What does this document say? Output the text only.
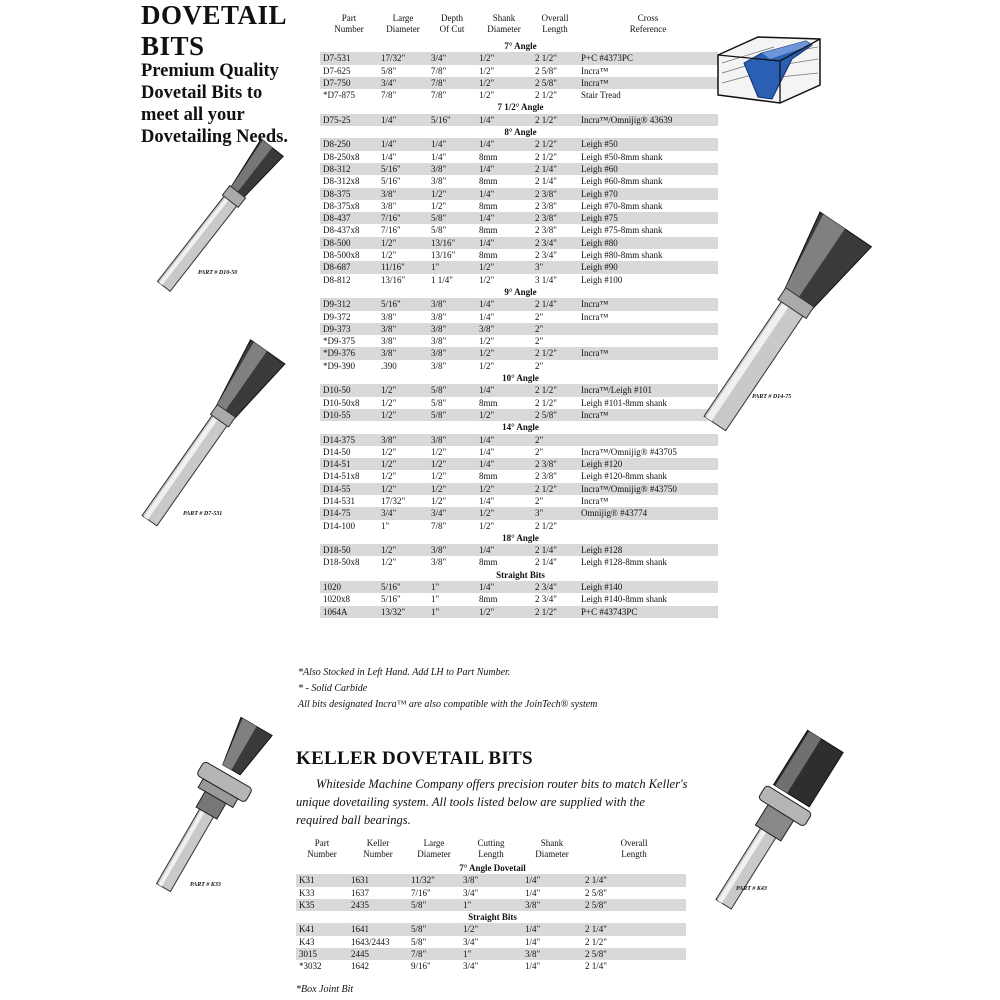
DOVETAIL
BITS
Premium Quality Dovetail Bits to meet all your Dovetailing Needs.
Part
Number
Large
Diameter
Depth
Of Cut
Shank
Diameter
Overall
Length
Cross
Reference
7° Angle					
D7-531	17/32"	3/4"	1/2"	2 1/2"	P+C #4373PC
D7-625	5/8"	7/8"	1/2"	2 5/8"	Incra™
D7-750	3/4"	7/8"	1/2"	2 5/8"	Incra™
*D7-875	7/8"	7/8"	1/2"	2 1/2"	Stair Tread
7 1/2° Angle					
D75-25	1/4"	5/16"	1/4"	2 1/2"	Incra™/Omnijig® 43639
8° Angle					
D8-250	1/4"	1/4"	1/4"	2 1/2"	Leigh #50
D8-250x8	1/4"	1/4"	8mm	2 1/2"	Leigh #50-8mm shank
D8-312	5/16"	3/8"	1/4"	2 1/4"	Leigh #60
D8-312x8	5/16"	3/8"	8mm	2 1/4"	Leigh #60-8mm shank
D8-375	3/8"	1/2"	1/4"	2 3/8"	Leigh #70
D8-375x8	3/8"	1/2"	8mm	2 3/8"	Leigh #70-8mm shank
D8-437	7/16"	5/8"	1/4"	2 3/8"	Leigh #75
D8-437x8	7/16"	5/8"	8mm	2 3/8"	Leigh #75-8mm shank
D8-500	1/2"	13/16"	1/4"	2 3/4"	Leigh #80
D8-500x8	1/2"	13/16"	8mm	2 3/4"	Leigh #80-8mm shank
D8-687	11/16"	1"	1/2"	3"	Leigh #90
D8-812	13/16"	1 1/4"	1/2"	3 1/4"	Leigh #100
9° Angle					
D9-312	5/16"	3/8"	1/4"	2 1/4"	Incra™
D9-372	3/8"	3/8"	1/4"	2"	Incra™
D9-373	3/8"	3/8"	3/8"	2"	
*D9-375	3/8"	3/8"	1/2"	2"	
*D9-376	3/8"	3/8"	1/2"	2 1/2"	Incra™
*D9-390	.390	3/8"	1/2"	2"	
10° Angle					
D10-50	1/2"	5/8"	1/4"	2 1/2"	Incra™/Leigh #101
D10-50x8	1/2"	5/8"	8mm	2 1/2"	Leigh #101-8mm shank
D10-55	1/2"	5/8"	1/2"	2 5/8"	Incra™
14° Angle					
D14-375	3/8"	3/8"	1/4"	2"	
D14-50	1/2"	1/2"	1/4"	2"	Incra™/Omnijig® #43705
D14-51	1/2"	1/2"	1/4"	2 3/8"	Leigh #120
D14-51x8	1/2"	1/2"	8mm	2 3/8"	Leigh #120-8mm shank
D14-55	1/2"	1/2"	1/2"	2 1/2"	Incra™/Omnijig® #43750
D14-531	17/32"	1/2"	1/4"	2"	Incra™
D14-75	3/4"	3/4"	1/2"	3"	Omnijig® #43774
D14-100	1"	7/8"	1/2"	2 1/2"	
18° Angle					
D18-50	1/2"	3/8"	1/4"	2 1/4"	Leigh #128
D18-50x8	1/2"	3/8"	8mm	2 1/4"	Leigh #128-8mm shank
Straight Bits					
1020	5/16"	1"	1/4"	2 3/4"	Leigh #140
1020x8	5/16"	1"	8mm	2 3/4"	Leigh #140-8mm shank
1064A	13/32"	1"	1/2"	2 1/2"	P+C #43743PC
*Also Stocked in Left Hand. Add LH to Part Number.
* - Solid Carbide
All bits designated Incra™ are also compatible with the JoinTech® system
KELLER DOVETAIL BITS
Whiteside Machine Company offers precision router bits to match Keller's unique dovetailing system. All tools listed below are supplied with the required ball bearings.
Part
Number
Keller
Number
Large
Diameter
Cutting
Length
Shank
Diameter
Overall
Length
7° Angle Dovetail					
K31	1631	11/32"	3/8"	1/4"	2 1/4"
K33	1637	7/16"	3/4"	1/4"	2 5/8"
K35	2435	5/8"	1"	3/8"	2 5/8"
Straight Bits					
K41	1641	5/8"	1/2"	1/4"	2 1/4"
K43	1643/2443	5/8"	3/4"	1/4"	2 1/2"
3015	2445	7/8"	1"	3/8"	2 5/8"
*3032	1642	9/16"	3/4"	1/4"	2 1/4"
*Box Joint Bit
PART # D10-50
PART # D7-531
PART # D14-75
PART # K33
PART # K43
